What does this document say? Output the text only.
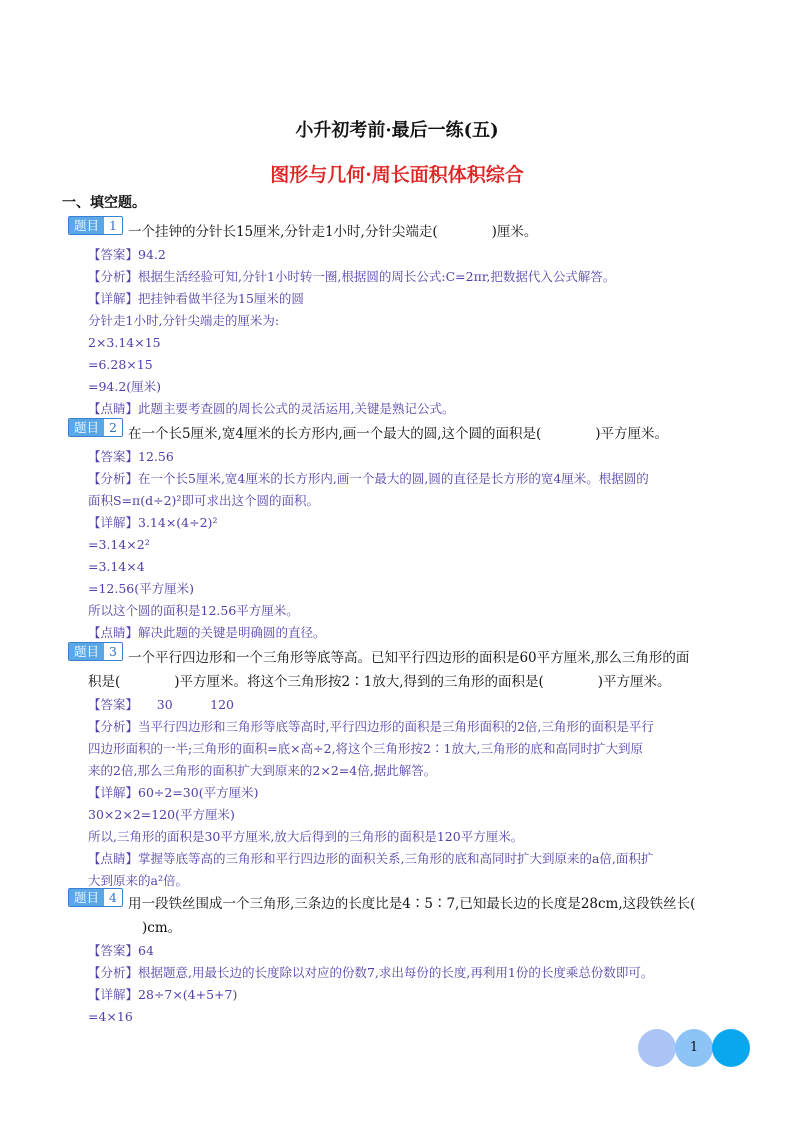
小升初考前·最后一练(五)
图形与几何·周长面积体积综合
一、填空题。
题目 1 一个挂钟的分针长15厘米,分针走1小时,分针尖端走(　　　　)厘米。
【答案】94.2
【分析】根据生活经验可知,分针1小时转一圈,根据圆的周长公式:C=2πr,把数据代入公式解答。
【详解】把挂钟看做半径为15厘米的圆
分针走1小时,分针尖端走的厘米为:
2×3.14×15
=6.28×15
=94.2(厘米)
【点睛】此题主要考查圆的周长公式的灵活运用,关键是熟记公式。
题目 2 在一个长5厘米,宽4厘米的长方形内,画一个最大的圆,这个圆的面积是(　　　　)平方厘米。
【答案】12.56
【分析】在一个长5厘米,宽4厘米的长方形内,画一个最大的圆,圆的直径是长方形的宽4厘米。根据圆的
面积S=π(d÷2)²即可求出这个圆的面积。
【详解】3.14×(4÷2)²
=3.14×2²
=3.14×4
=12.56(平方厘米)
所以这个圆的面积是12.56平方厘米。
【点睛】解决此题的关键是明确圆的直径。
题目 3 一个平行四边形和一个三角形等底等高。已知平行四边形的面积是60平方厘米,那么三角形的面
积是(　　　　)平方厘米。将这个三角形按2∶1放大,得到的三角形的面积是(　　　　)平方厘米。
【答案】　　30　　　120
【分析】当平行四边形和三角形等底等高时,平行四边形的面积是三角形面积的2倍,三角形的面积是平行
四边形面积的一半;三角形的面积=底×高÷2,将这个三角形按2∶1放大,三角形的底和高同时扩大到原
来的2倍,那么三角形的面积扩大到原来的2×2=4倍,据此解答。
【详解】60÷2=30(平方厘米)
30×2×2=120(平方厘米)
所以,三角形的面积是30平方厘米,放大后得到的三角形的面积是120平方厘米。
【点睛】掌握等底等高的三角形和平行四边形的面积关系,三角形的底和高同时扩大到原来的a倍,面积扩
大到原来的a²倍。
题目 4 用一段铁丝围成一个三角形,三条边的长度比是4∶5∶7,已知最长边的长度是28cm,这段铁丝长(
　　　　)cm。
【答案】64
【分析】根据题意,用最长边的长度除以对应的份数7,求出每份的长度,再利用1份的长度乘总份数即可。
【详解】28÷7×(4+5+7)
=4×16
1
